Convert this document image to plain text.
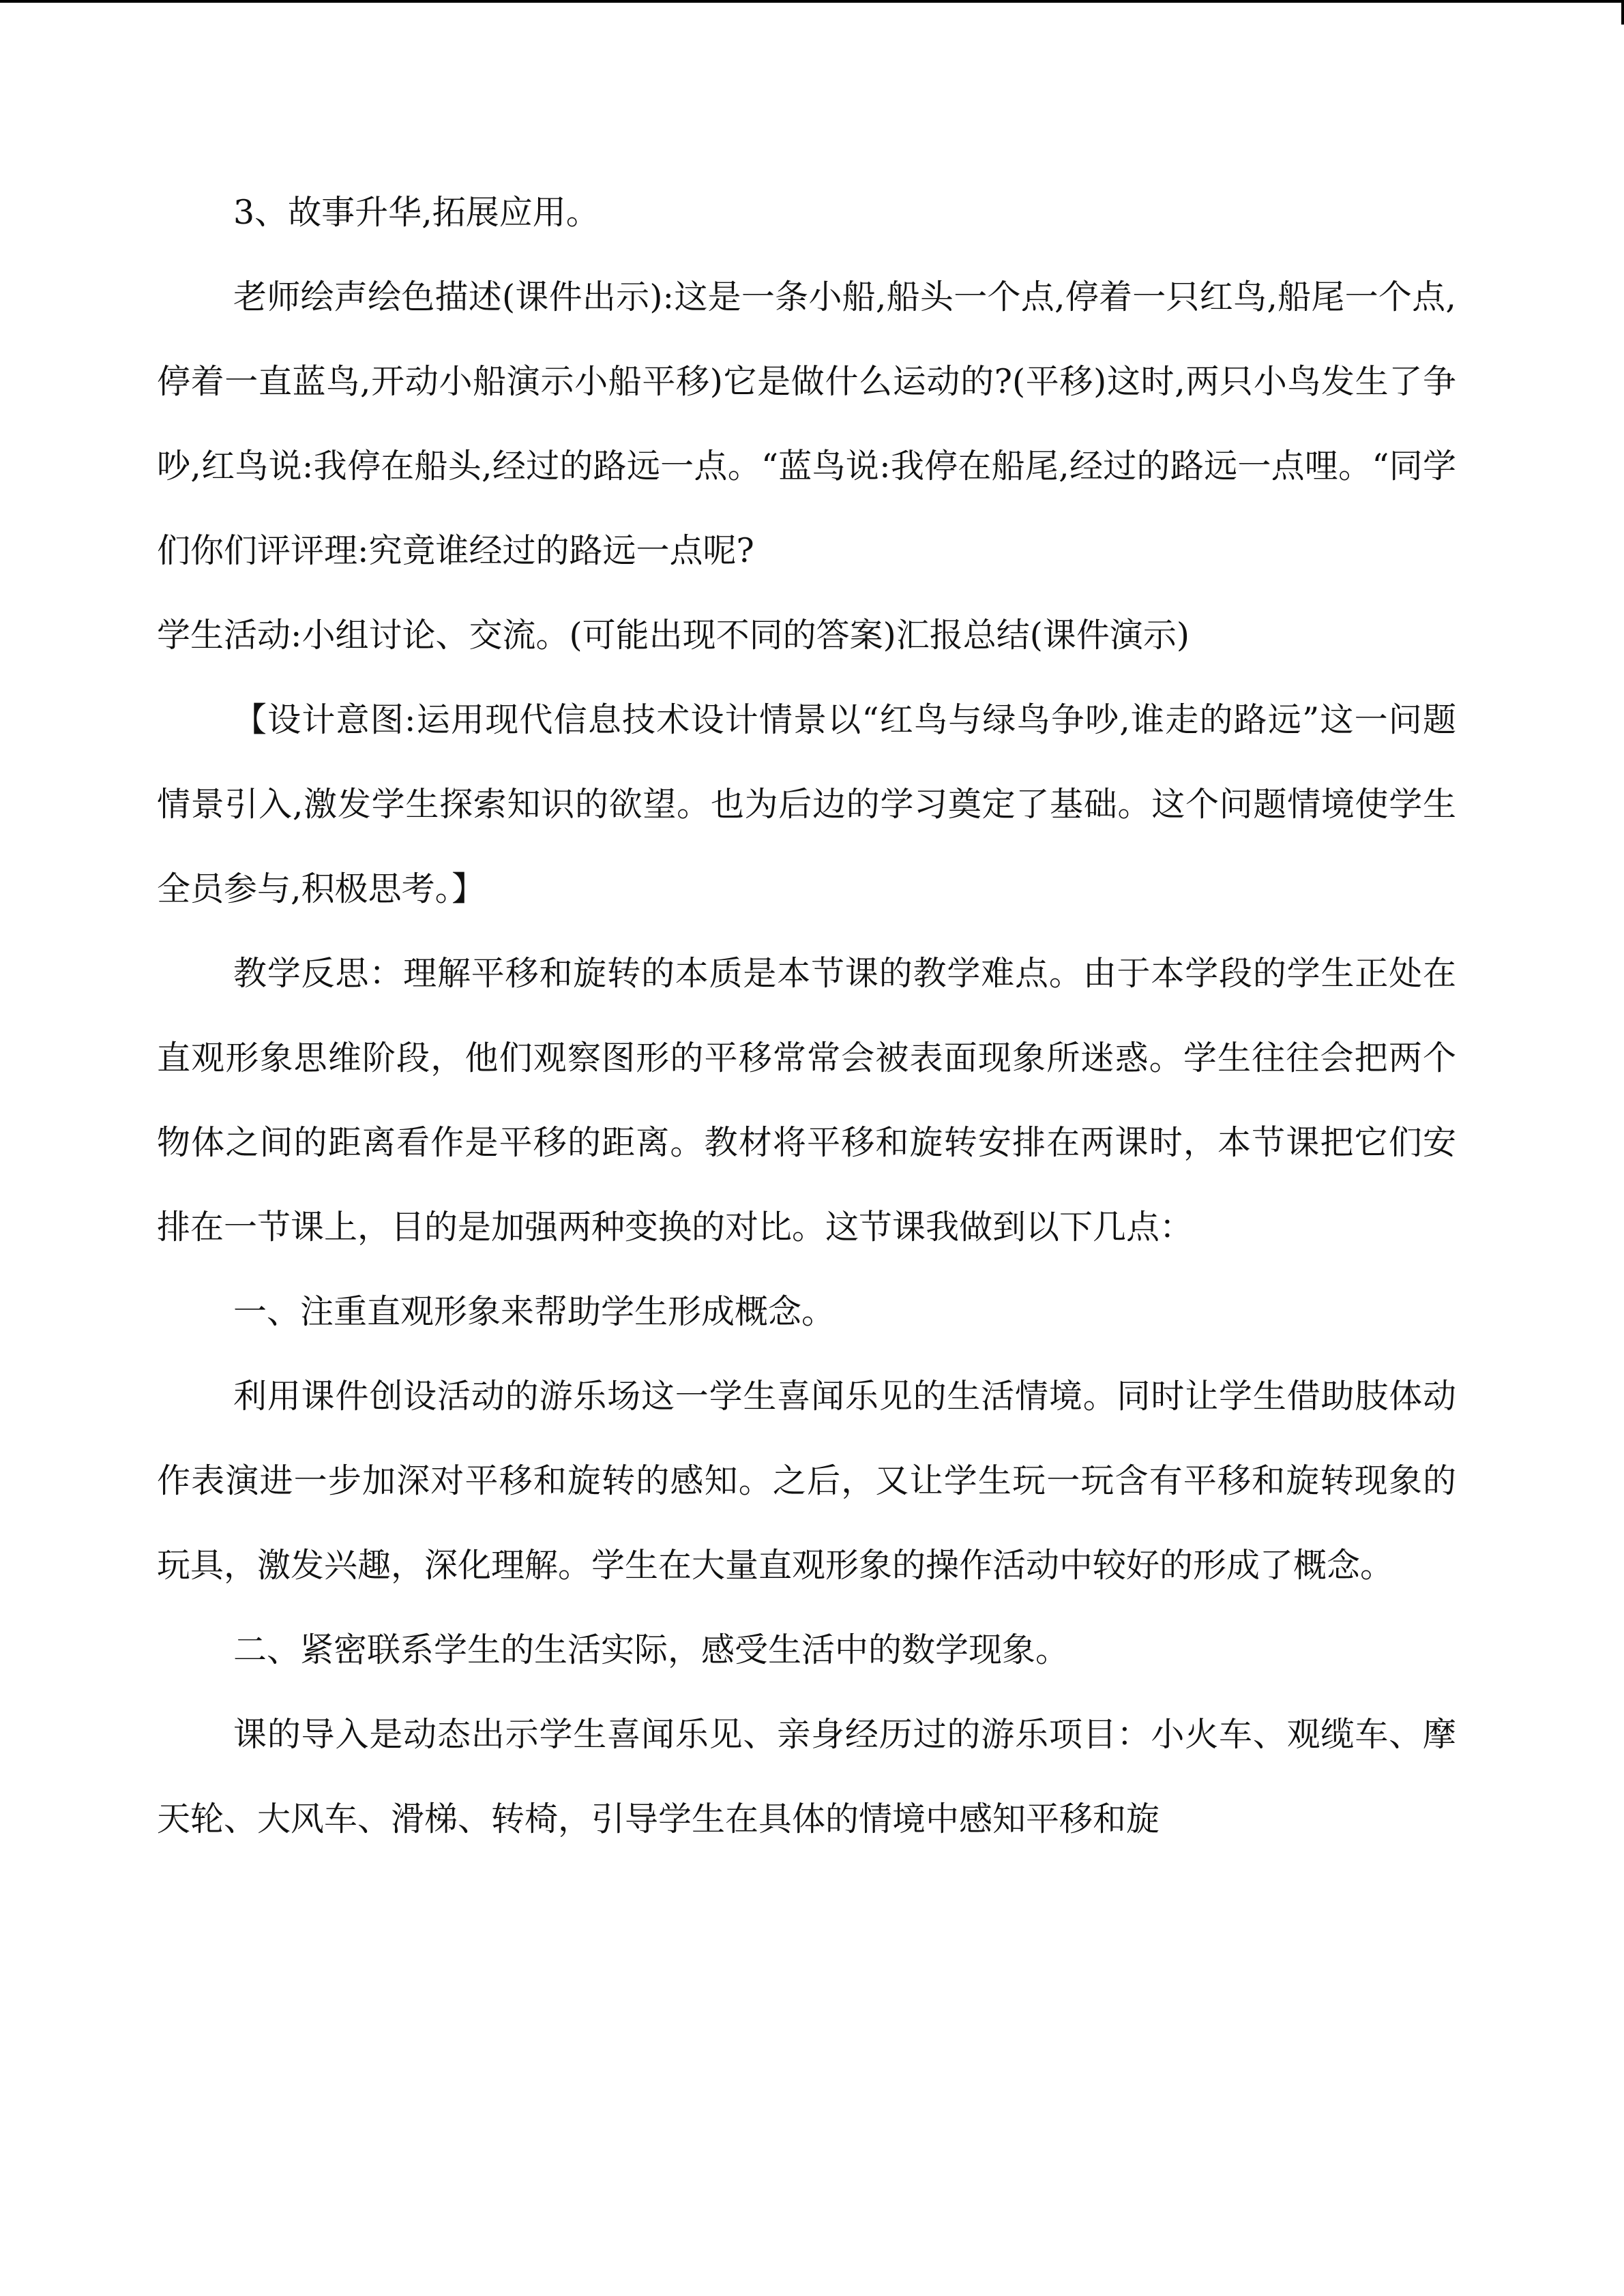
3、故事升华,拓展应用。

老师绘声绘色描述(课件出示):这是一条小船,船头一个点,停着一只红鸟,船尾一个点,停着一直蓝鸟,开动小船演示小船平移)它是做什么运动的?(平移)这时,两只小鸟发生了争吵,红鸟说:我停在船头,经过的路远一点。“蓝鸟说:我停在船尾,经过的路远一点哩。“同学们你们评评理:究竟谁经过的路远一点呢?

学生活动:小组讨论、交流。(可能出现不同的答案)汇报总结(课件演示)

【设计意图:运用现代信息技术设计情景以“红鸟与绿鸟争吵,谁走的路远”这一问题情景引入,激发学生探索知识的欲望。也为后边的学习奠定了基础。这个问题情境使学生全员参与,积极思考。】

教学反思：理解平移和旋转的本质是本节课的教学难点。由于本学段的学生正处在直观形象思维阶段，他们观察图形的平移常常会被表面现象所迷惑。学生往往会把两个物体之间的距离看作是平移的距离。教材将平移和旋转安排在两课时，本节课把它们安排在一节课上，目的是加强两种变换的对比。这节课我做到以下几点：

一、注重直观形象来帮助学生形成概念。

利用课件创设活动的游乐场这一学生喜闻乐见的生活情境。同时让学生借助肢体动作表演进一步加深对平移和旋转的感知。之后，又让学生玩一玩含有平移和旋转现象的玩具，激发兴趣，深化理解。学生在大量直观形象的操作活动中较好的形成了概念。

二、紧密联系学生的生活实际，感受生活中的数学现象。

课的导入是动态出示学生喜闻乐见、亲身经历过的游乐项目：小火车、观缆车、摩天轮、大风车、滑梯、转椅，引导学生在具体的情境中感知平移和旋
